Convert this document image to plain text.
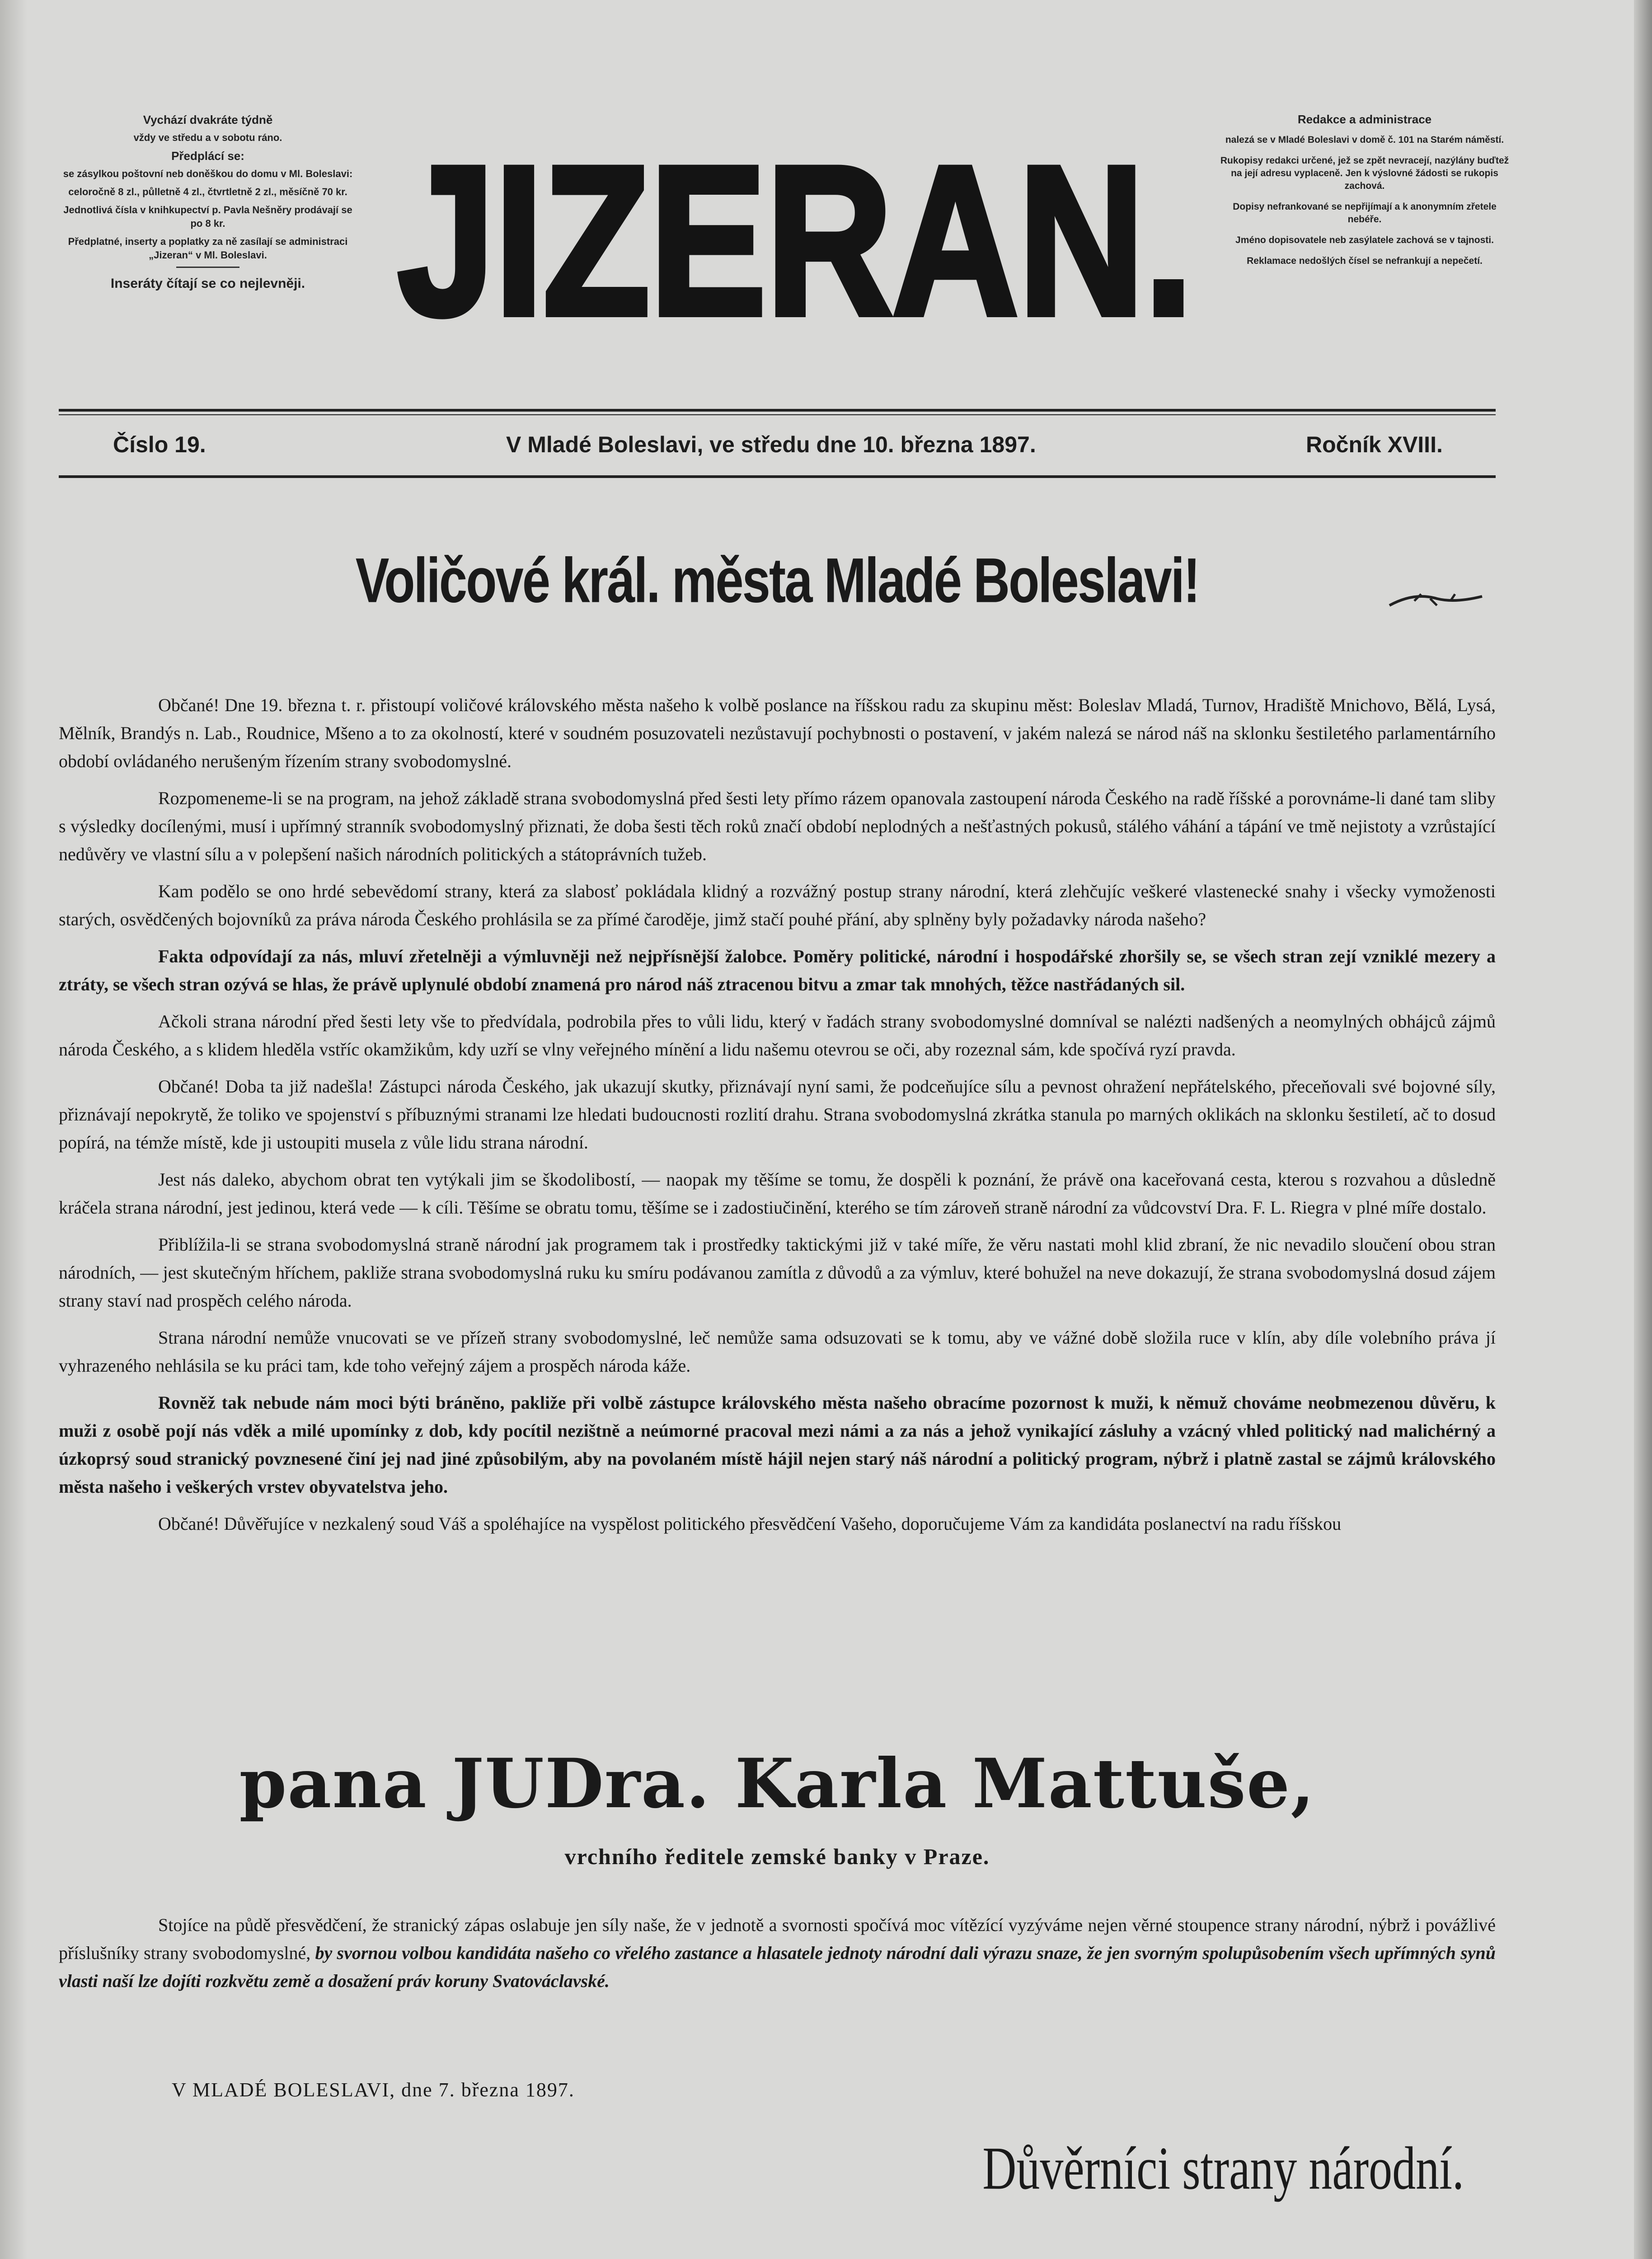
Vychází dvakráte týdně

vždy ve středu a v sobotu ráno.

Předplácí se:

se zásylkou poštovní neb doněškou do domu v Ml. Boleslavi:

celoročně 8 zl., půlletně 4 zl., čtvrtletně 2 zl., měsíčně 70 kr.

Jednotlivá čísla v knihkupectví p. Pavla Nešněry prodávají se po 8 kr.

Předplatné, inserty a poplatky za ně zasílají se administraci „Jizeran“ v Ml. Boleslavi.

Inseráty čítají se co nejlevněji. JIZERAN.

Redakce a administrace

nalezá se v Mladé Boleslavi v domě č. 101 na Starém náměstí.

Rukopisy redakci určené, jež se zpět nevracejí, nazýlány buďtež na její adresu vyplaceně. Jen k výslovné žádosti se rukopis zachová.

Dopisy nefrankované se nepřijímají a k anonymním zřetele nebéře.

Jméno dopisovatele neb zasýlatele zachová se v tajnosti.

Reklamace nedošlých čísel se nefrankují a nepečetí.

Číslo 19.	V Mladé Boleslavi, ve středu dne 10. března 1897.	Ročník XVIII.
Voličové král. města Mladé Boleslavi!

Občané! Dne 19. března t. r. přistoupí voličové královského města našeho k volbě poslance na říšskou radu za skupinu měst: Boleslav Mladá, Turnov, Hradiště Mnichovo, Bělá, Lysá, Mělník, Brandýs n. Lab., Roudnice, Mšeno a to za okolností, které v soudném posuzovateli nezůstavují pochybnosti o postavení, v jakém nalezá se národ náš na sklonku šestiletého parlamentárního období ovládaného nerušeným řízením strany svobodomyslné.

Rozpomeneme-li se na program, na jehož základě strana svobodomyslná před šesti lety přímo rázem opanovala zastoupení národa Českého na radě říšské a porovnáme-li dané tam sliby s výsledky docílenými, musí i upřímný stranník svobodomyslný přiznati, že doba šesti těch roků značí období neplodných a nešťastných pokusů, stálého váhání a tápání ve tmě nejistoty a vzrůstající nedůvěry ve vlastní sílu a v polepšení našich národních politických a státoprávních tužeb.

Kam podělo se ono hrdé sebevědomí strany, která za slabosť pokládala klidný a rozvážný postup strany národní, která zlehčujíc veškeré vlastenecké snahy i všecky vymoženosti starých, osvědčených bojovníků za práva národa Českého prohlásila se za přímé čaroděje, jimž stačí pouhé přání, aby splněny byly požadavky národa našeho?

Fakta odpovídají za nás, mluví zřetelněji a výmluvněji než nejpřísnější žalobce. Poměry politické, národní i hospodářské zhoršily se, se všech stran zejí vzniklé mezery a ztráty, se všech stran ozývá se hlas, že právě uplynulé období znamená pro národ náš ztracenou bitvu a zmar tak mnohých, těžce nastřádaných sil.

Ačkoli strana národní před šesti lety vše to předvídala, podrobila přes to vůli lidu, který v řadách strany svobodomyslné domníval se nalézti nadšených a neomylných obhájců zájmů národa Českého, a s klidem hleděla vstříc okamžikům, kdy uzří se vlny veřejného mínění a lidu našemu otevrou se oči, aby rozeznal sám, kde spočívá ryzí pravda.

Občané! Doba ta již nadešla! Zástupci národa Českého, jak ukazují skutky, přiznávají nyní sami, že podceňujíce sílu a pevnost ohražení nepřátelského, přeceňovali své bojovné síly, přiznávají nepokrytě, že toliko ve spojenství s příbuznými stranami lze hledati budoucnosti rozlití drahu. Strana svobodomyslná zkrátka stanula po marných oklikách na sklonku šestiletí, ač to dosud popírá, na témže místě, kde ji ustoupiti musela z vůle lidu strana národní.

Jest nás daleko, abychom obrat ten vytýkali jim se škodolibostí, — naopak my těšíme se tomu, že dospěli k poznání, že právě ona kacеřovaná cesta, kterou s rozvahou a důsledně kráčela strana národní, jest jedinou, která vede — k cíli. Těšíme se obratu tomu, těšíme se i zadostiučinění, kterého se tím zároveň straně národní za vůdcovství Dra. F. L. Riegra v plné míře dostalo.

Přiblížila-li se strana svobodomyslná straně národní jak programem tak i prostředky taktickými již v také míře, že věru nastati mohl klid zbraní, že nic nevadilo sloučení obou stran národních, — jest skutečným hříchem, pakliže strana svobodomyslná ruku ku smíru podávanou zamítla z důvodů a za výmluv, které bohužel na neve dokazují, že strana svobodomyslná dosud zájem strany staví nad prospěch celého národa.

Strana národní nemůže vnucovati se ve přízeň strany svobodomyslné, leč nemůže sama odsuzovati se k tomu, aby ve vážné době složila ruce v klín, aby díle volebního práva jí vyhrazeného nehlásila se ku práci tam, kde toho veřejný zájem a prospěch národa káže.

Rovněž tak nebude nám moci býti bráněno, pakliže při volbě zástupce královského města našeho obracíme pozornost k muži, k němuž chováme neobmezenou důvěru, k muži z osobě pojí nás vděk a milé upomínky z dob, kdy pocítil nezištně a neúmorné pracoval mezi námi a za nás a jehož vynikající zásluhy a vzácný vhled politický nad malichérný a úzkoprsý soud stranický povznesené činí jej nad jiné způsobilým, aby na povolaném místě hájil nejen starý náš národní a politický program, nýbrž i platně zastal se zájmů královského města našeho i veškerých vrstev obyvatelstva jeho.

Občané! Důvěřujíce v nezkalený soud Váš a spoléhajíce na vyspělost politického přesvědčení Vašeho, doporučujeme Vám za kandidáta poslanectví na radu říšskou

pana JUDra. Karla Mattuše,
vrchního ředitele zemské banky v Praze.

Stojíce na půdě přesvědčení, že stranický zápas oslabuje jen síly naše, že v jednotě a svornosti spočívá moc vítězící vyzýváme nejen věrné stoupence strany národní, nýbrž i povážlivé příslušníky strany svobodomyslné, by svornou volbou kandidáta našeho co vřelého zastance a hlasatele jednoty národní dali výrazu snaze, že jen svorným spolupůsobením všech upřímných synů vlasti naší lze dojíti rozkvětu země a dosažení práv koruny Svatováclavské.

V MLADÉ BOLESLAVI, dne 7. března 1897.
Důvěrníci strany národní.
